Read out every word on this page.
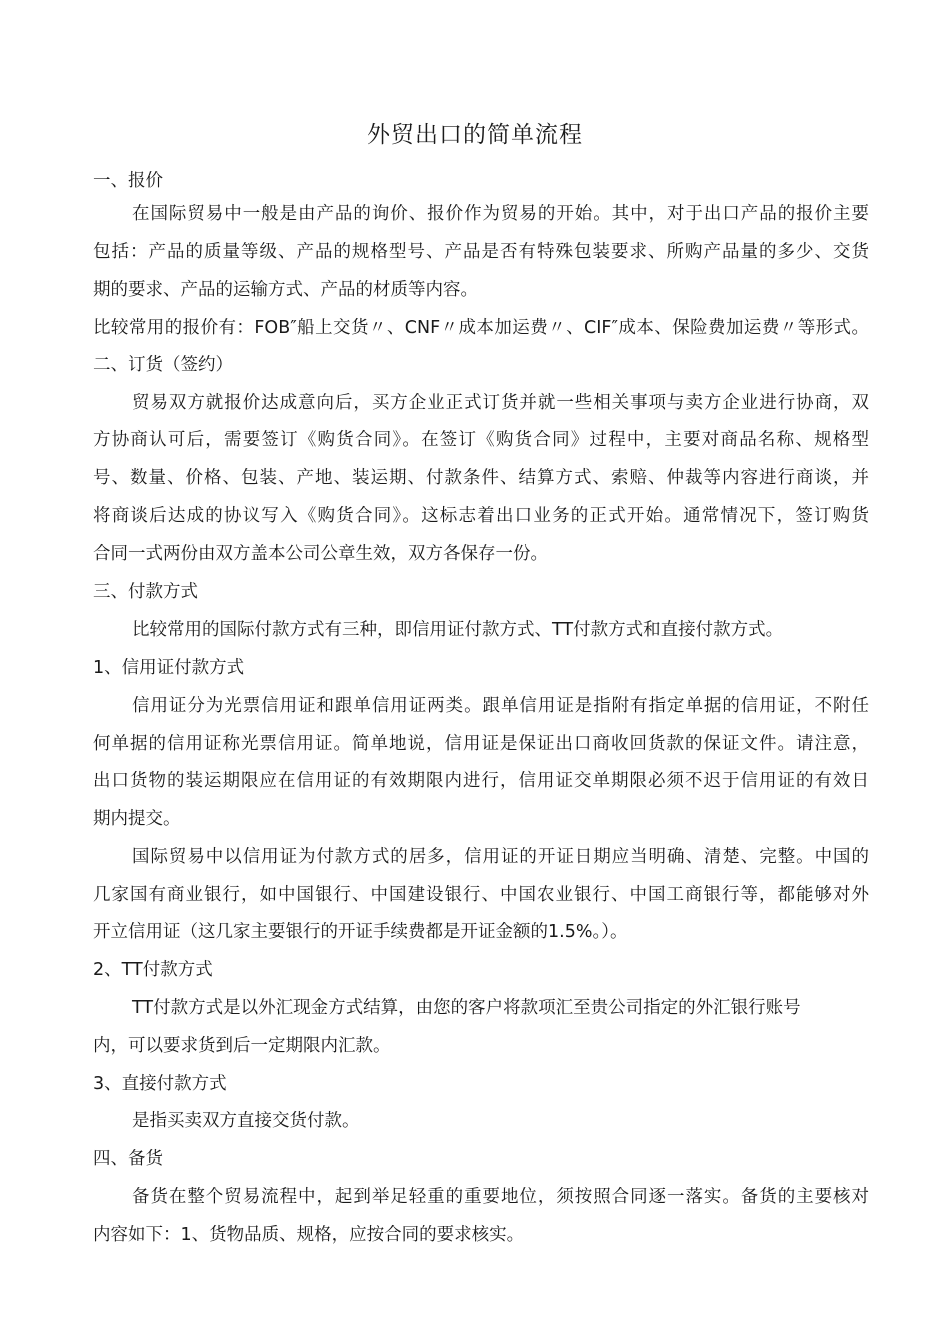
外贸出口的简单流程

一、报价

在国际贸易中一般是由产品的询价、报价作为贸易的开始。其中，对于出口产品的报价主要

包括：产品的质量等级、产品的规格型号、产品是否有特殊包装要求、所购产品量的多少、交货

期的要求、产品的运输方式、产品的材质等内容。

比较常用的报价有：FOB″船上交货〃、CNF〃成本加运费〃、CIF″成本、保险费加运费〃等形式。

二、订货（签约）

贸易双方就报价达成意向后，买方企业正式订货并就一些相关事项与卖方企业进行协商，双

方协商认可后，需要签订《购货合同》。在签订《购货合同》过程中，主要对商品名称、规格型

号、数量、价格、包装、产地、装运期、付款条件、结算方式、索赔、仲裁等内容进行商谈，并

将商谈后达成的协议写入《购货合同》。这标志着出口业务的正式开始。通常情况下，签订购货

合同一式两份由双方盖本公司公章生效，双方各保存一份。

三、付款方式

比较常用的国际付款方式有三种，即信用证付款方式、TT付款方式和直接付款方式。

1、信用证付款方式

信用证分为光票信用证和跟单信用证两类。跟单信用证是指附有指定单据的信用证，不附任

何单据的信用证称光票信用证。简单地说，信用证是保证出口商收回货款的保证文件。请注意，

出口货物的装运期限应在信用证的有效期限内进行，信用证交单期限必须不迟于信用证的有效日

期内提交。

国际贸易中以信用证为付款方式的居多，信用证的开证日期应当明确、清楚、完整。中国的

几家国有商业银行，如中国银行、中国建设银行、中国农业银行、中国工商银行等，都能够对外

开立信用证（这几家主要银行的开证手续费都是开证金额的1.5%。）。

2、TT付款方式

TT付款方式是以外汇现金方式结算，由您的客户将款项汇至贵公司指定的外汇银行账号

内，可以要求货到后一定期限内汇款。

3、直接付款方式

是指买卖双方直接交货付款。

四、备货

备货在整个贸易流程中，起到举足轻重的重要地位，须按照合同逐一落实。备货的主要核对

内容如下：1、货物品质、规格，应按合同的要求核实。
